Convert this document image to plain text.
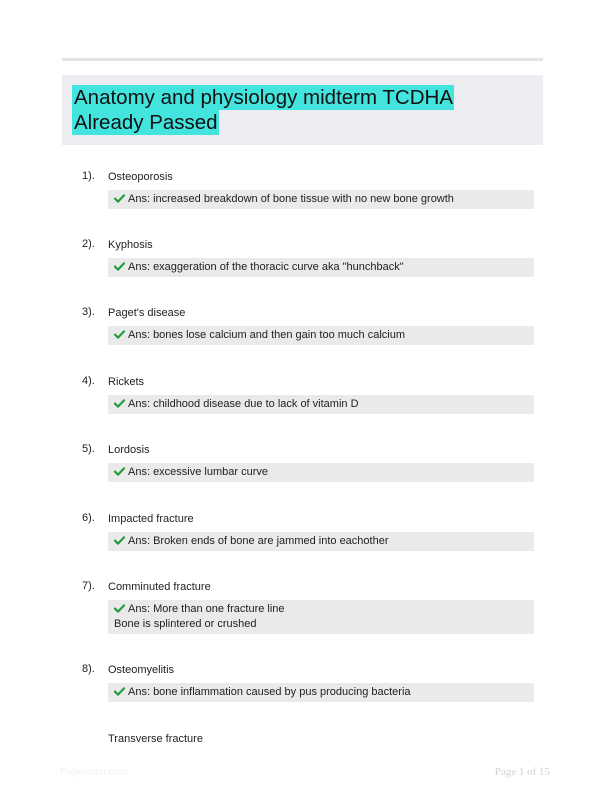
Anatomy and physiology midterm TCDHA Already Passed
1). Osteoporosis
Ans: increased breakdown of bone tissue with no new bone growth
2). Kyphosis
Ans: exaggeration of the thoracic curve aka "hunchback"
3). Paget's disease
Ans: bones lose calcium and then gain too much calcium
4). Rickets
Ans: childhood disease due to lack of vitamin D
5). Lordosis
Ans: excessive lumbar curve
6). Impacted fracture
Ans: Broken ends of bone are jammed into eachother
7). Comminuted fracture
Ans: More than one fracture line
Bone is splintered or crushed
8). Osteomyelitis
Ans: bone inflammation caused by pus producing bacteria
Transverse fracture
Papertutor.com	Page 1 of 15
